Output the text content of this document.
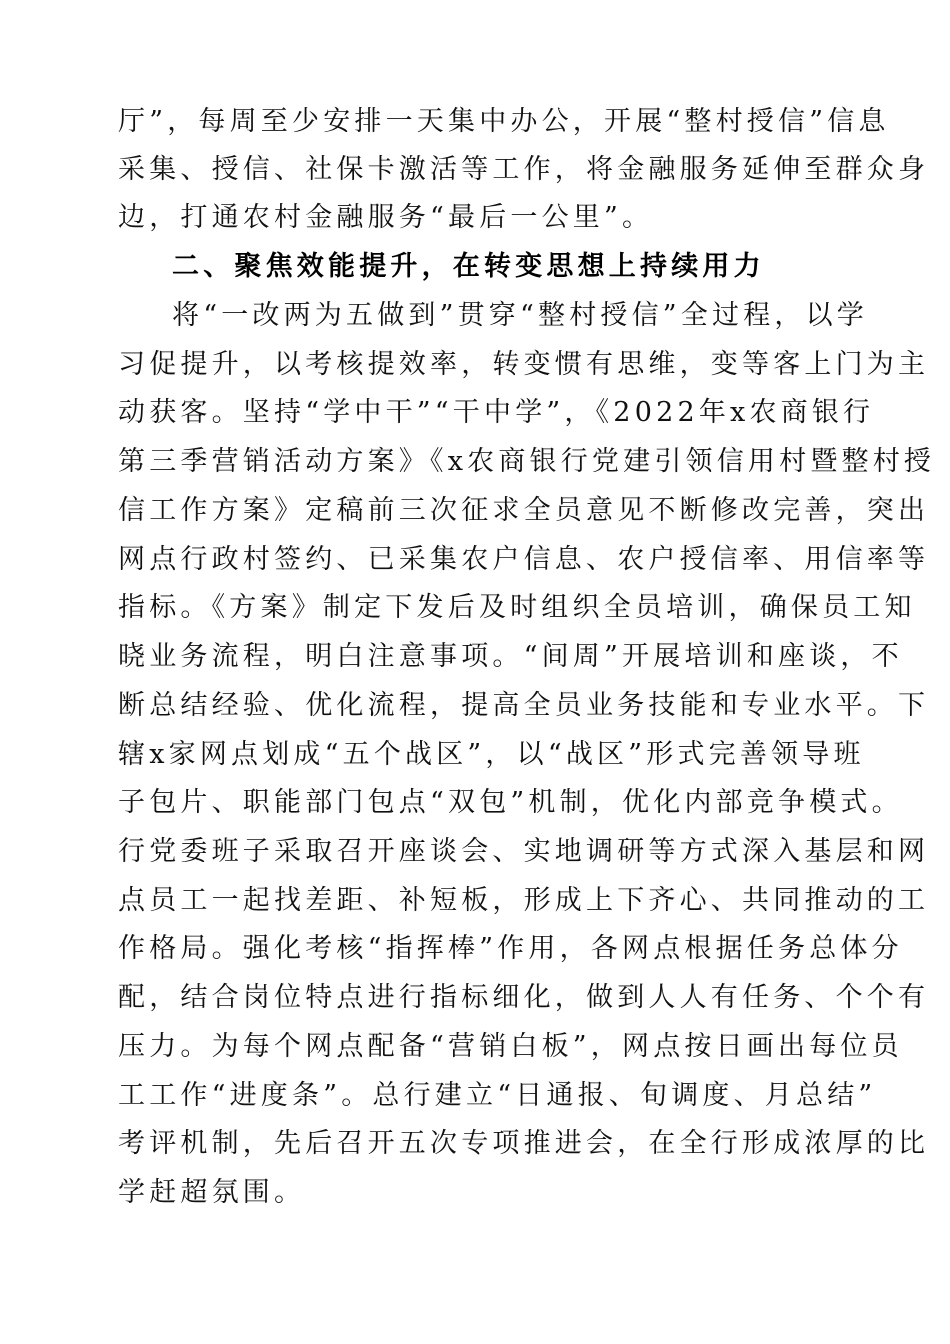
厅”，每周至少安排一天集中办公，开展“整村授信”信息
采集、授信、社保卡激活等工作，将金融服务延伸至群众身
边，打通农村金融服务“最后一公里”。
二、聚焦效能提升，在转变思想上持续用力
将“一改两为五做到”贯穿“整村授信”全过程，以学
习促提升，以考核提效率，转变惯有思维，变等客上门为主
动获客。坚持“学中干”“干中学”，《2022年x农商银行
第三季营销活动方案》《x农商银行党建引领信用村暨整村授
信工作方案》定稿前三次征求全员意见不断修改完善，突出
网点行政村签约、已采集农户信息、农户授信率、用信率等
指标。《方案》制定下发后及时组织全员培训，确保员工知
晓业务流程，明白注意事项。“间周”开展培训和座谈，不
断总结经验、优化流程，提高全员业务技能和专业水平。下
辖x家网点划成“五个战区”，以“战区”形式完善领导班
子包片、职能部门包点“双包”机制，优化内部竞争模式。
行党委班子采取召开座谈会、实地调研等方式深入基层和网
点员工一起找差距、补短板，形成上下齐心、共同推动的工
作格局。强化考核“指挥棒”作用，各网点根据任务总体分
配，结合岗位特点进行指标细化，做到人人有任务、个个有
压力。为每个网点配备“营销白板”，网点按日画出每位员
工工作“进度条”。总行建立“日通报、旬调度、月总结”
考评机制，先后召开五次专项推进会，在全行形成浓厚的比
学赶超氛围。
